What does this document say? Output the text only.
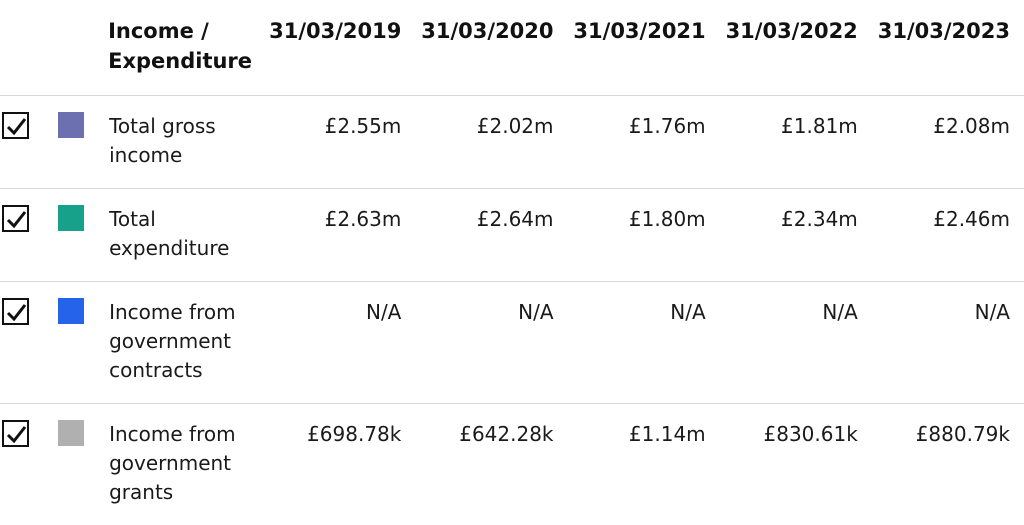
		Income / Expenditure	31/03/2019	31/03/2020	31/03/2021	31/03/2022	31/03/2023

		Total gross income	£2.55m	£2.02m	£1.76m	£1.81m	£2.08m

		Total expenditure	£2.63m	£2.64m	£1.80m	£2.34m	£2.46m

		Income from government contracts	N/A	N/A	N/A	N/A	N/A

		Income from government grants	£698.78k	£642.28k	£1.14m	£830.61k	£880.79k
